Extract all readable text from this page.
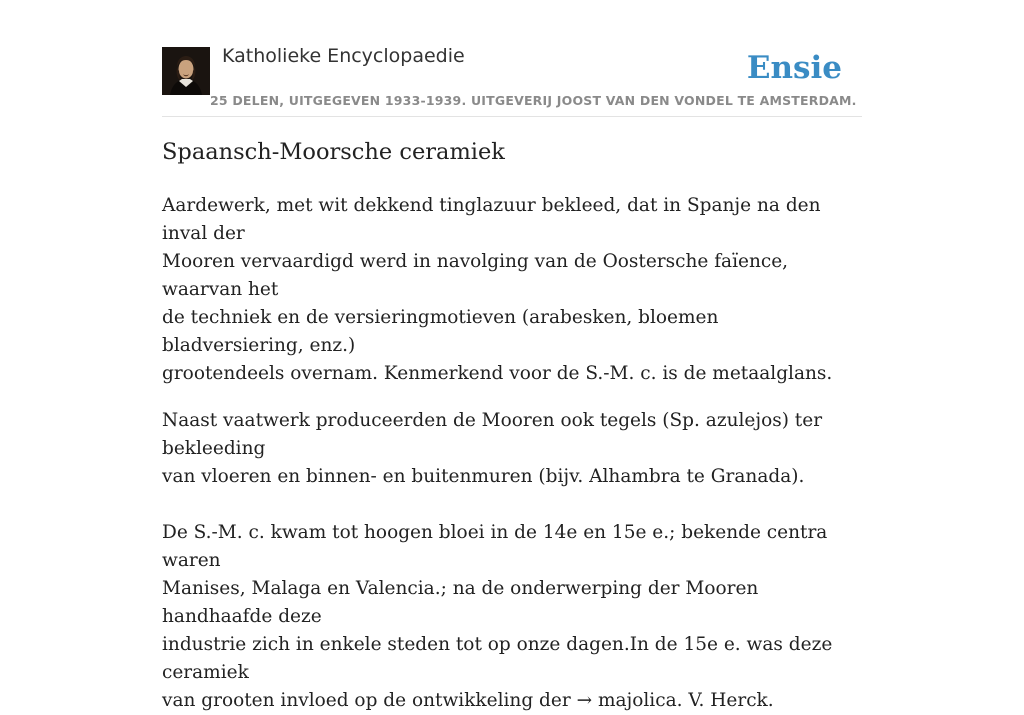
Katholieke Encyclopaedie
25 DELEN, UITGEGEVEN 1933-1939. UITGEVERIJ JOOST VAN DEN VONDEL TE AMSTERDAM.
Ensie
Spaansch-Moorsche ceramiek

Aardewerk, met wit dekkend tinglazuur bekleed, dat in Spanje na den inval der
Mooren vervaardigd werd in navolging van de Oostersche faïence, waarvan het
de techniek en de versieringmotieven (arabesken, bloemen bladversiering, enz.)
grootendeels overnam. Kenmerkend voor de S.-M. c. is de metaalglans.

Naast vaatwerk produceerden de Mooren ook tegels (Sp. azulejos) ter bekleeding
van vloeren en binnen- en buitenmuren (bijv. Alhambra te Granada).

De S.-M. c. kwam tot hoogen bloei in de 14e en 15e e.; bekende centra waren
Manises, Malaga en Valencia.; na de onderwerping der Mooren handhaafde deze
industrie zich in enkele steden tot op onze dagen.In de 15e e. was deze ceramiek
van grooten invloed op de ontwikkeling der → majolica. V. Herck.
